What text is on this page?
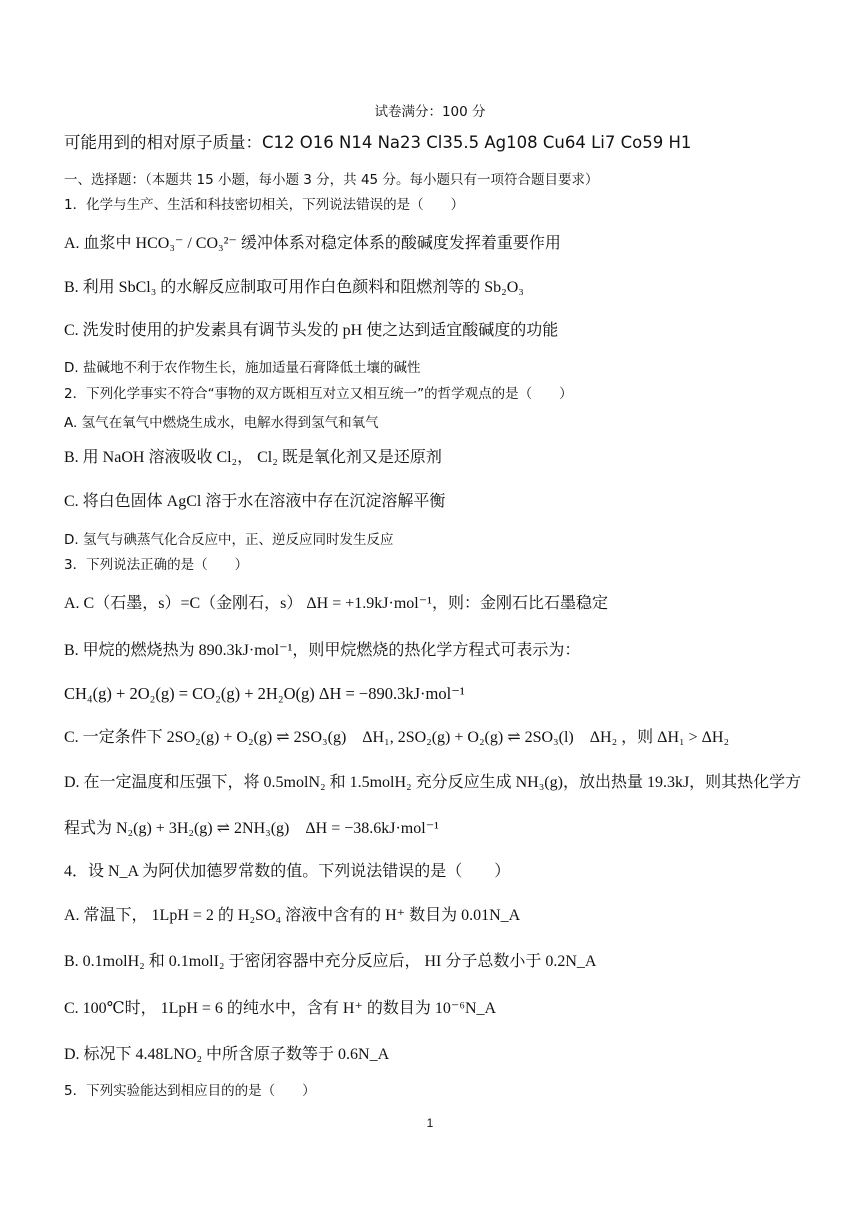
试卷满分：100 分
可能用到的相对原子质量：C12 O16 N14 Na23 Cl35.5 Ag108 Cu64 Li7 Co59 H1
一、选择题：（本题共 15 小题，每小题 3 分，共 45 分。每小题只有一项符合题目要求）
1．化学与生产、生活和科技密切相关，下列说法错误的是（　　）
A. 血浆中 HCO₃⁻ / CO₃²⁻ 缓冲体系对稳定体系的酸碱度发挥着重要作用
B. 利用 SbCl₃ 的水解反应制取可用作白色颜料和阻燃剂等的 Sb₂O₃
C. 洗发时使用的护发素具有调节头发的 pH 使之达到适宜酸碱度的功能
D. 盐碱地不利于农作物生长，施加适量石膏降低土壤的碱性
2．下列化学事实不符合“事物的双方既相互对立又相互统一”的哲学观点的是（　　）
A. 氢气在氧气中燃烧生成水，电解水得到氢气和氧气
B. 用 NaOH 溶液吸收 Cl₂， Cl₂ 既是氧化剂又是还原剂
C. 将白色固体 AgCl 溶于水在溶液中存在沉淀溶解平衡
D. 氢气与碘蒸气化合反应中，正、逆反应同时发生反应
3．下列说法正确的是（　　）
A. C（石墨，s）=C（金刚石，s） ΔH = +1.9kJ·mol⁻¹，则：金刚石比石墨稳定
B. 甲烷的燃烧热为 890.3kJ·mol⁻¹，则甲烷燃烧的热化学方程式可表示为：
CH₄(g) + 2O₂(g) = CO₂(g) + 2H₂O(g) ΔH = −890.3kJ·mol⁻¹
C. 一定条件下 2SO₂(g) + O₂(g) ⇌ 2SO₃(g)　ΔH₁, 2SO₂(g) + O₂(g) ⇌ 2SO₃(l)　ΔH₂ ，则 ΔH₁ > ΔH₂
D. 在一定温度和压强下，将 0.5molN₂ 和 1.5molH₂ 充分反应生成 NH₃(g)，放出热量 19.3kJ，则其热化学方
程式为 N₂(g) + 3H₂(g) ⇌ 2NH₃(g)　ΔH = −38.6kJ·mol⁻¹
4．设 N_A 为阿伏加德罗常数的值。下列说法错误的是（　　）
A. 常温下， 1LpH = 2 的 H₂SO₄ 溶液中含有的 H⁺ 数目为 0.01N_A
B. 0.1molH₂ 和 0.1molI₂ 于密闭容器中充分反应后， HI 分子总数小于 0.2N_A
C. 100℃时， 1LpH = 6 的纯水中，含有 H⁺ 的数目为 10⁻⁶N_A
D. 标况下 4.48LNO₂ 中所含原子数等于 0.6N_A
5．下列实验能达到相应目的的是（　　）
1
